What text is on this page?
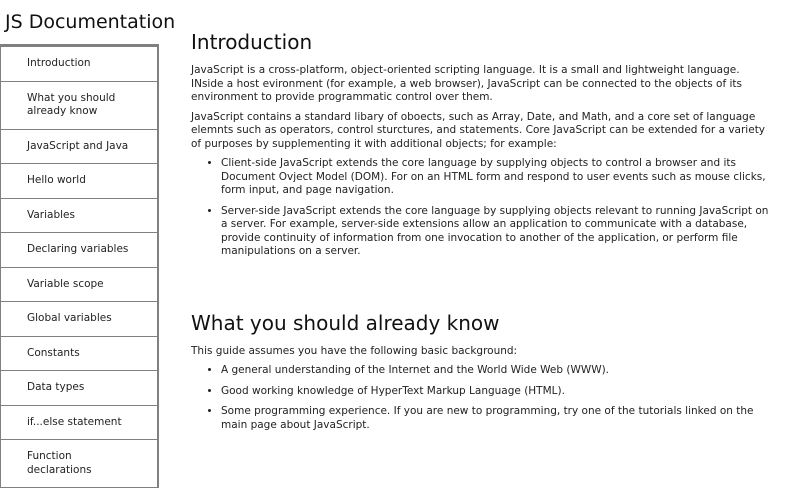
JS Documentation
Introduction
What you should already know
JavaScript and Java
Hello world
Variables
Declaring variables
Variable scope
Global variables
Constants
Data types
if...else statement
Function declarations
Introduction

JavaScript is a cross-platform, object-oriented scripting language. It is a small and lightweight language. INside a host evironment (for example, a web browser), JavaScript can be connected to the objects of its environment to provide programmatic control over them.

JavaScript contains a standard libary of oboects, such as Array, Date, and Math, and a core set of language elemnts such as operators, control sturctures, and statements. Core JavaScript can be extended for a variety of purposes by supplementing it with additional objects; for example:

• Client-side JavaScript extends the core language by supplying objects to control a browser and its Document Ovject Model (DOM). For on an HTML form and respond to user events such as mouse clicks, form input, and page navigation.
• Server-side JavaScript extends the core language by supplying objects relevant to running JavaScript on a server. For example, server-side extensions allow an application to communicate with a database, provide continuity of information from one invocation to another of the application, or perform file manipulations on a server.
What you should already know

This guide assumes you have the following basic background:

• A general understanding of the Internet and the World Wide Web (WWW).
• Good working knowledge of HyperText Markup Language (HTML).
• Some programming experience. If you are new to programming, try one of the tutorials linked on the main page about JavaScript.
